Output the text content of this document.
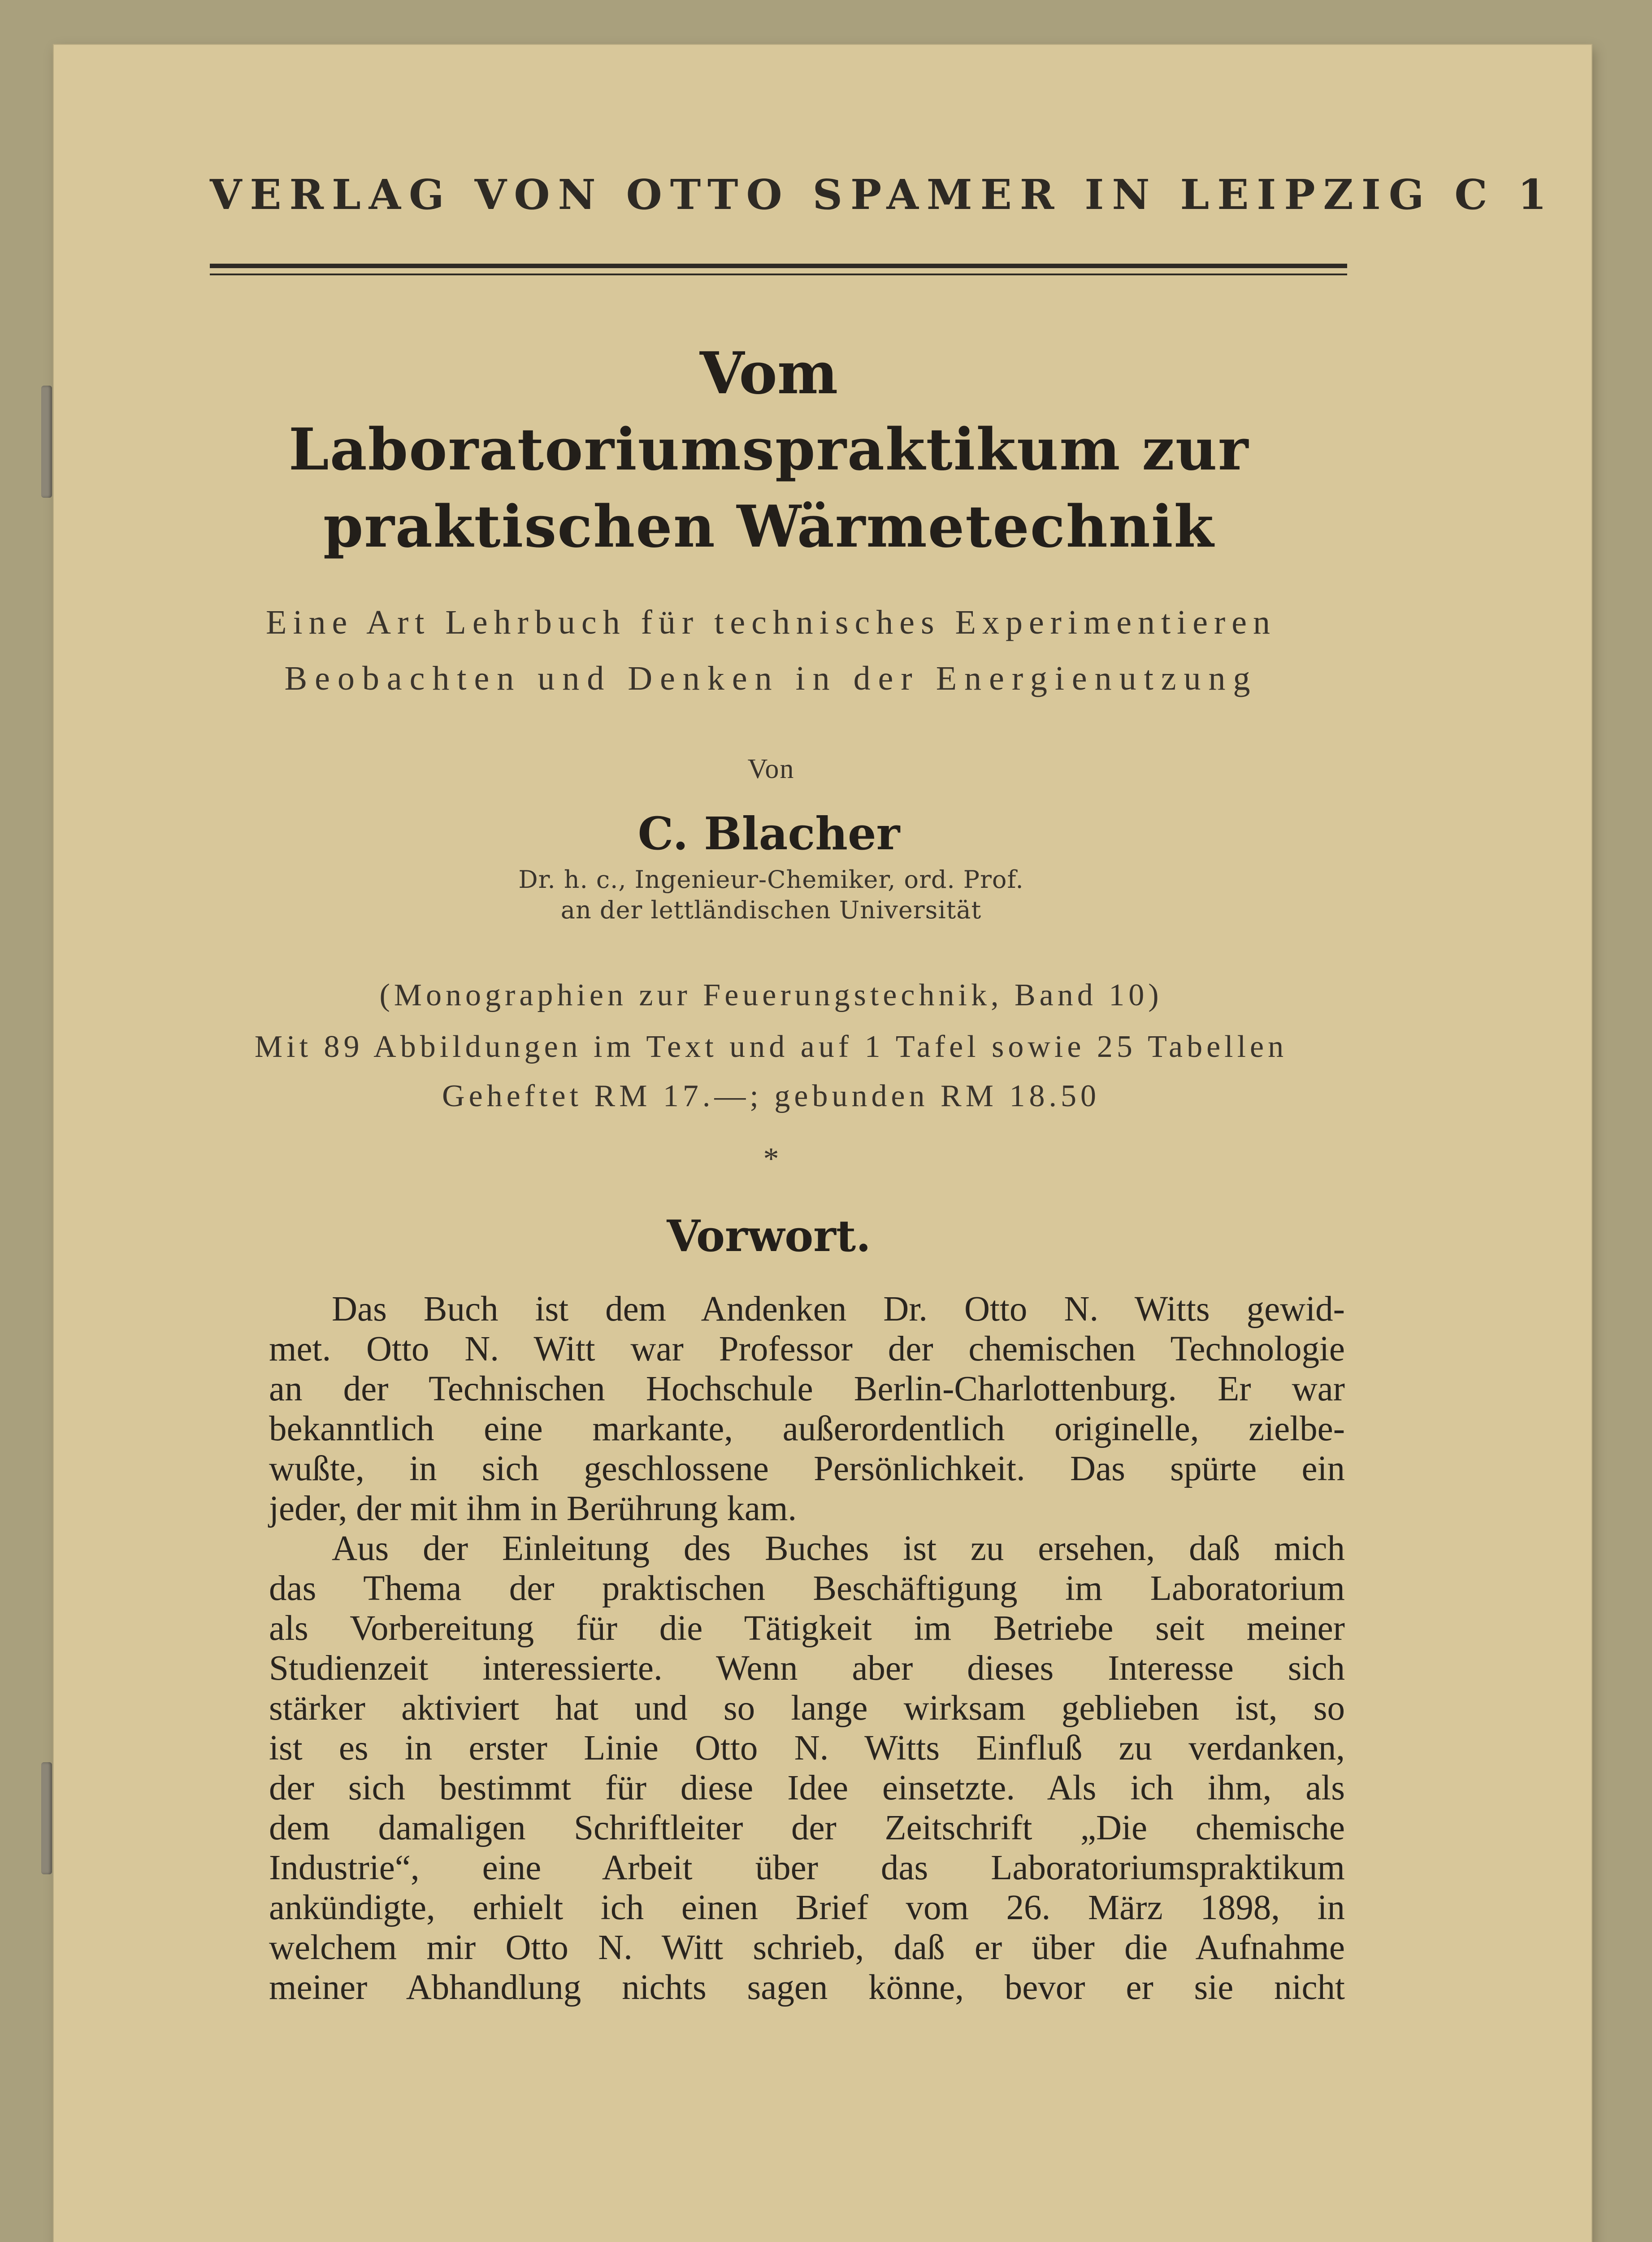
VERLAG VON OTTO SPAMER IN LEIPZIG C 1
Vom
Laboratoriumspraktikum zur
praktischen Wärmetechnik
Eine Art Lehrbuch für technisches Experimentieren
Beobachten und Denken in der Energienutzung
Von
C. Blacher
Dr. h. c., Ingenieur-Chemiker, ord. Prof.
an der lettländischen Universität
(Monographien zur Feuerungstechnik, Band 10)
Mit 89 Abbildungen im Text und auf 1 Tafel sowie 25 Tabellen
Geheftet RM 17.—; gebunden RM 18.50
*
Vorwort.
Das Buch ist dem Andenken Dr. Otto N. Witts gewid-
met. Otto N. Witt war Professor der chemischen Technologie
an der Technischen Hochschule Berlin-Charlottenburg. Er war
bekanntlich eine markante, außerordentlich originelle, zielbe-
wußte, in sich geschlossene Persönlichkeit. Das spürte ein
jeder, der mit ihm in Berührung kam.
Aus der Einleitung des Buches ist zu ersehen, daß mich
das Thema der praktischen Beschäftigung im Laboratorium
als Vorbereitung für die Tätigkeit im Betriebe seit meiner
Studienzeit interessierte. Wenn aber dieses Interesse sich
stärker aktiviert hat und so lange wirksam geblieben ist, so
ist es in erster Linie Otto N. Witts Einfluß zu verdanken,
der sich bestimmt für diese Idee einsetzte. Als ich ihm, als
dem damaligen Schriftleiter der Zeitschrift „Die chemische
Industrie“, eine Arbeit über das Laboratoriumspraktikum
ankündigte, erhielt ich einen Brief vom 26. März 1898, in
welchem mir Otto N. Witt schrieb, daß er über die Aufnahme
meiner Abhandlung nichts sagen könne, bevor er sie nicht
